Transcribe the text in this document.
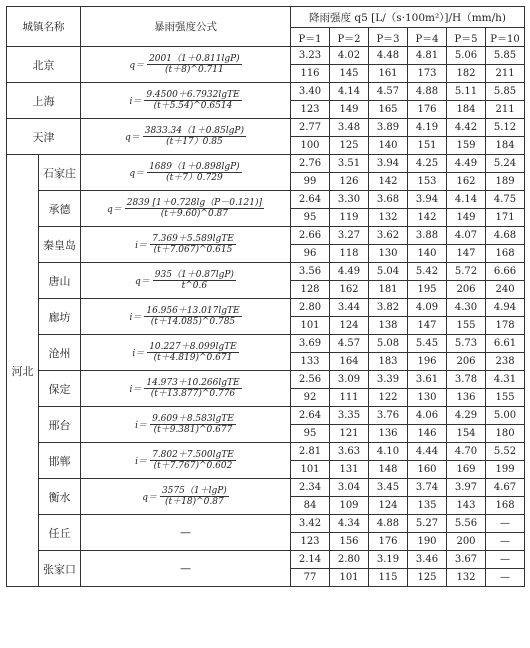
城镇名称		暴雨强度公式	降雨强度 q5 [L/（s·100m²）]/H（mm/h)					
			P＝1	P＝2	P＝3	P＝4	P＝5	P＝10
北京		$q= \frac{2001(1+0.811\lg P)}{(t+8)\^{}0.711}$	3.23	4.02	4.48	4.81	5.06	5.85
			116	145	161	173	182	211
上海		$i= \frac{\text{9.4500＋6.7932lgTE}}{(t+5.54)\^{}0.6514}$	3.40	4.14	4.57	4.88	5.11	5.85
			123	149	165	176	184	211
天津		$q= \frac{3833.34(1+0.85\lg P)}{(t+17)0.85}$	2.77	3.48	3.89	4.19	4.42	5.12
			100	125	140	151	159	184
河北	石家庄	$q= \frac{1689(1+0.898\lg P)}{(t+7)0.729}$	2.76	3.51	3.94	4.25	4.49	5.24
			99	126	142	153	162	189
	承德	$q= \frac{2839 [1+0.728\lg(P-0.121)]}{(t+9.60)\^{}0.87}$	2.64	3.30	3.68	3.94	4.14	4.75
			95	119	132	142	149	171
	秦皇岛	$i= \frac{\text{7.369＋5.589lgTE}}{(t+7.067)\^{}0.615}$	2.66	3.27	3.62	3.88	4.07	4.68
			96	118	130	140	147	168
	唐山	$q= \frac{935(1+0.87\lg P)}{t\^{}0.6}$	3.56	4.49	5.04	5.42	5.72	6.66
			128	162	181	195	206	240
	廊坊	$i= \frac{\text{16.956＋13.017lgTE}}{(t+14.085)\^{}0.785}$	2.80	3.44	3.82	4.09	4.30	4.94
			101	124	138	147	155	178
	沧州	$i= \frac{\text{10.227＋8.099lgTE}}{(t+4.819)\^{}0.671}$	3.69	4.57	5.08	5.45	5.73	6.61
			133	164	183	196	206	238
	保定	$i= \frac{\text{14.973＋10.266lgTE}}{(t+13.877)\^{}0.776}$	2.56	3.09	3.39	3.61	3.78	4.31
			92	111	122	130	136	155
	邢台	$i= \frac{\text{9.609＋8.583lgTE}}{(t+9.381)\^{}0.677}$	2.64	3.35	3.76	4.06	4.29	5.00
			95	121	136	146	154	180
	邯郸	$i= \frac{\text{7.802＋7.500lgTE}}{(t+7.767)\^{}0.602}$	2.81	3.63	4.10	4.44	4.70	5.52
			101	131	148	160	169	199
	衡水	$q= \frac{3575(1+\lg P)}{(t+18)\^{}0.87}$	2.34	3.04	3.45	3.74	3.97	4.67
			84	109	124	135	143	168
	任丘	—	3.42	4.34	4.88	5.27	5.56	—
			123	156	176	190	200	—
	张家口	—	2.14	2.80	3.19	3.46	3.67	—
			77	101	115	125	132	—
